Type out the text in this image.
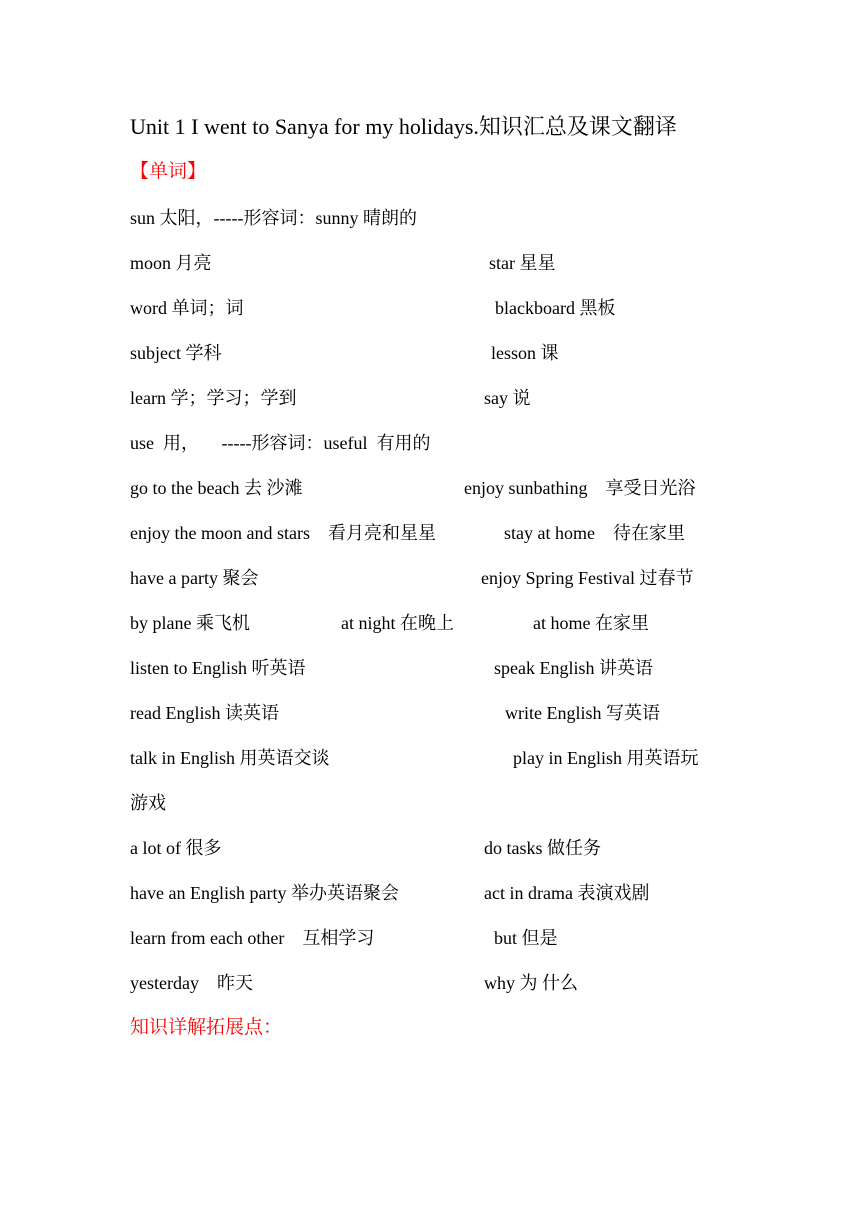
Unit 1 I went to Sanya for my holidays.知识汇总及课文翻译
【单词】
sun 太阳，-----形容词：sunny 晴朗的
moon 月亮	star 星星
word 单词；词	blackboard 黑板
subject 学科	lesson 课
learn 学；学习；学到	say 说
use  用，     -----形容词：useful  有用的
go to the beach 去 沙滩	enjoy sunbathing    享受日光浴
enjoy the moon and stars    看月亮和星星	stay at home    待在家里
have a party 聚会	enjoy Spring Festival 过春节
by plane 乘飞机	at night 在晚上	at home 在家里
listen to English 听英语	speak English 讲英语
read English 读英语	write English 写英语
talk in English 用英语交谈	play in English 用英语玩
游戏
a lot of 很多	do tasks 做任务
have an English party 举办英语聚会	act in drama 表演戏剧
learn from each other    互相学习	but 但是
yesterday    昨天	why 为 什么
知识详解拓展点：
